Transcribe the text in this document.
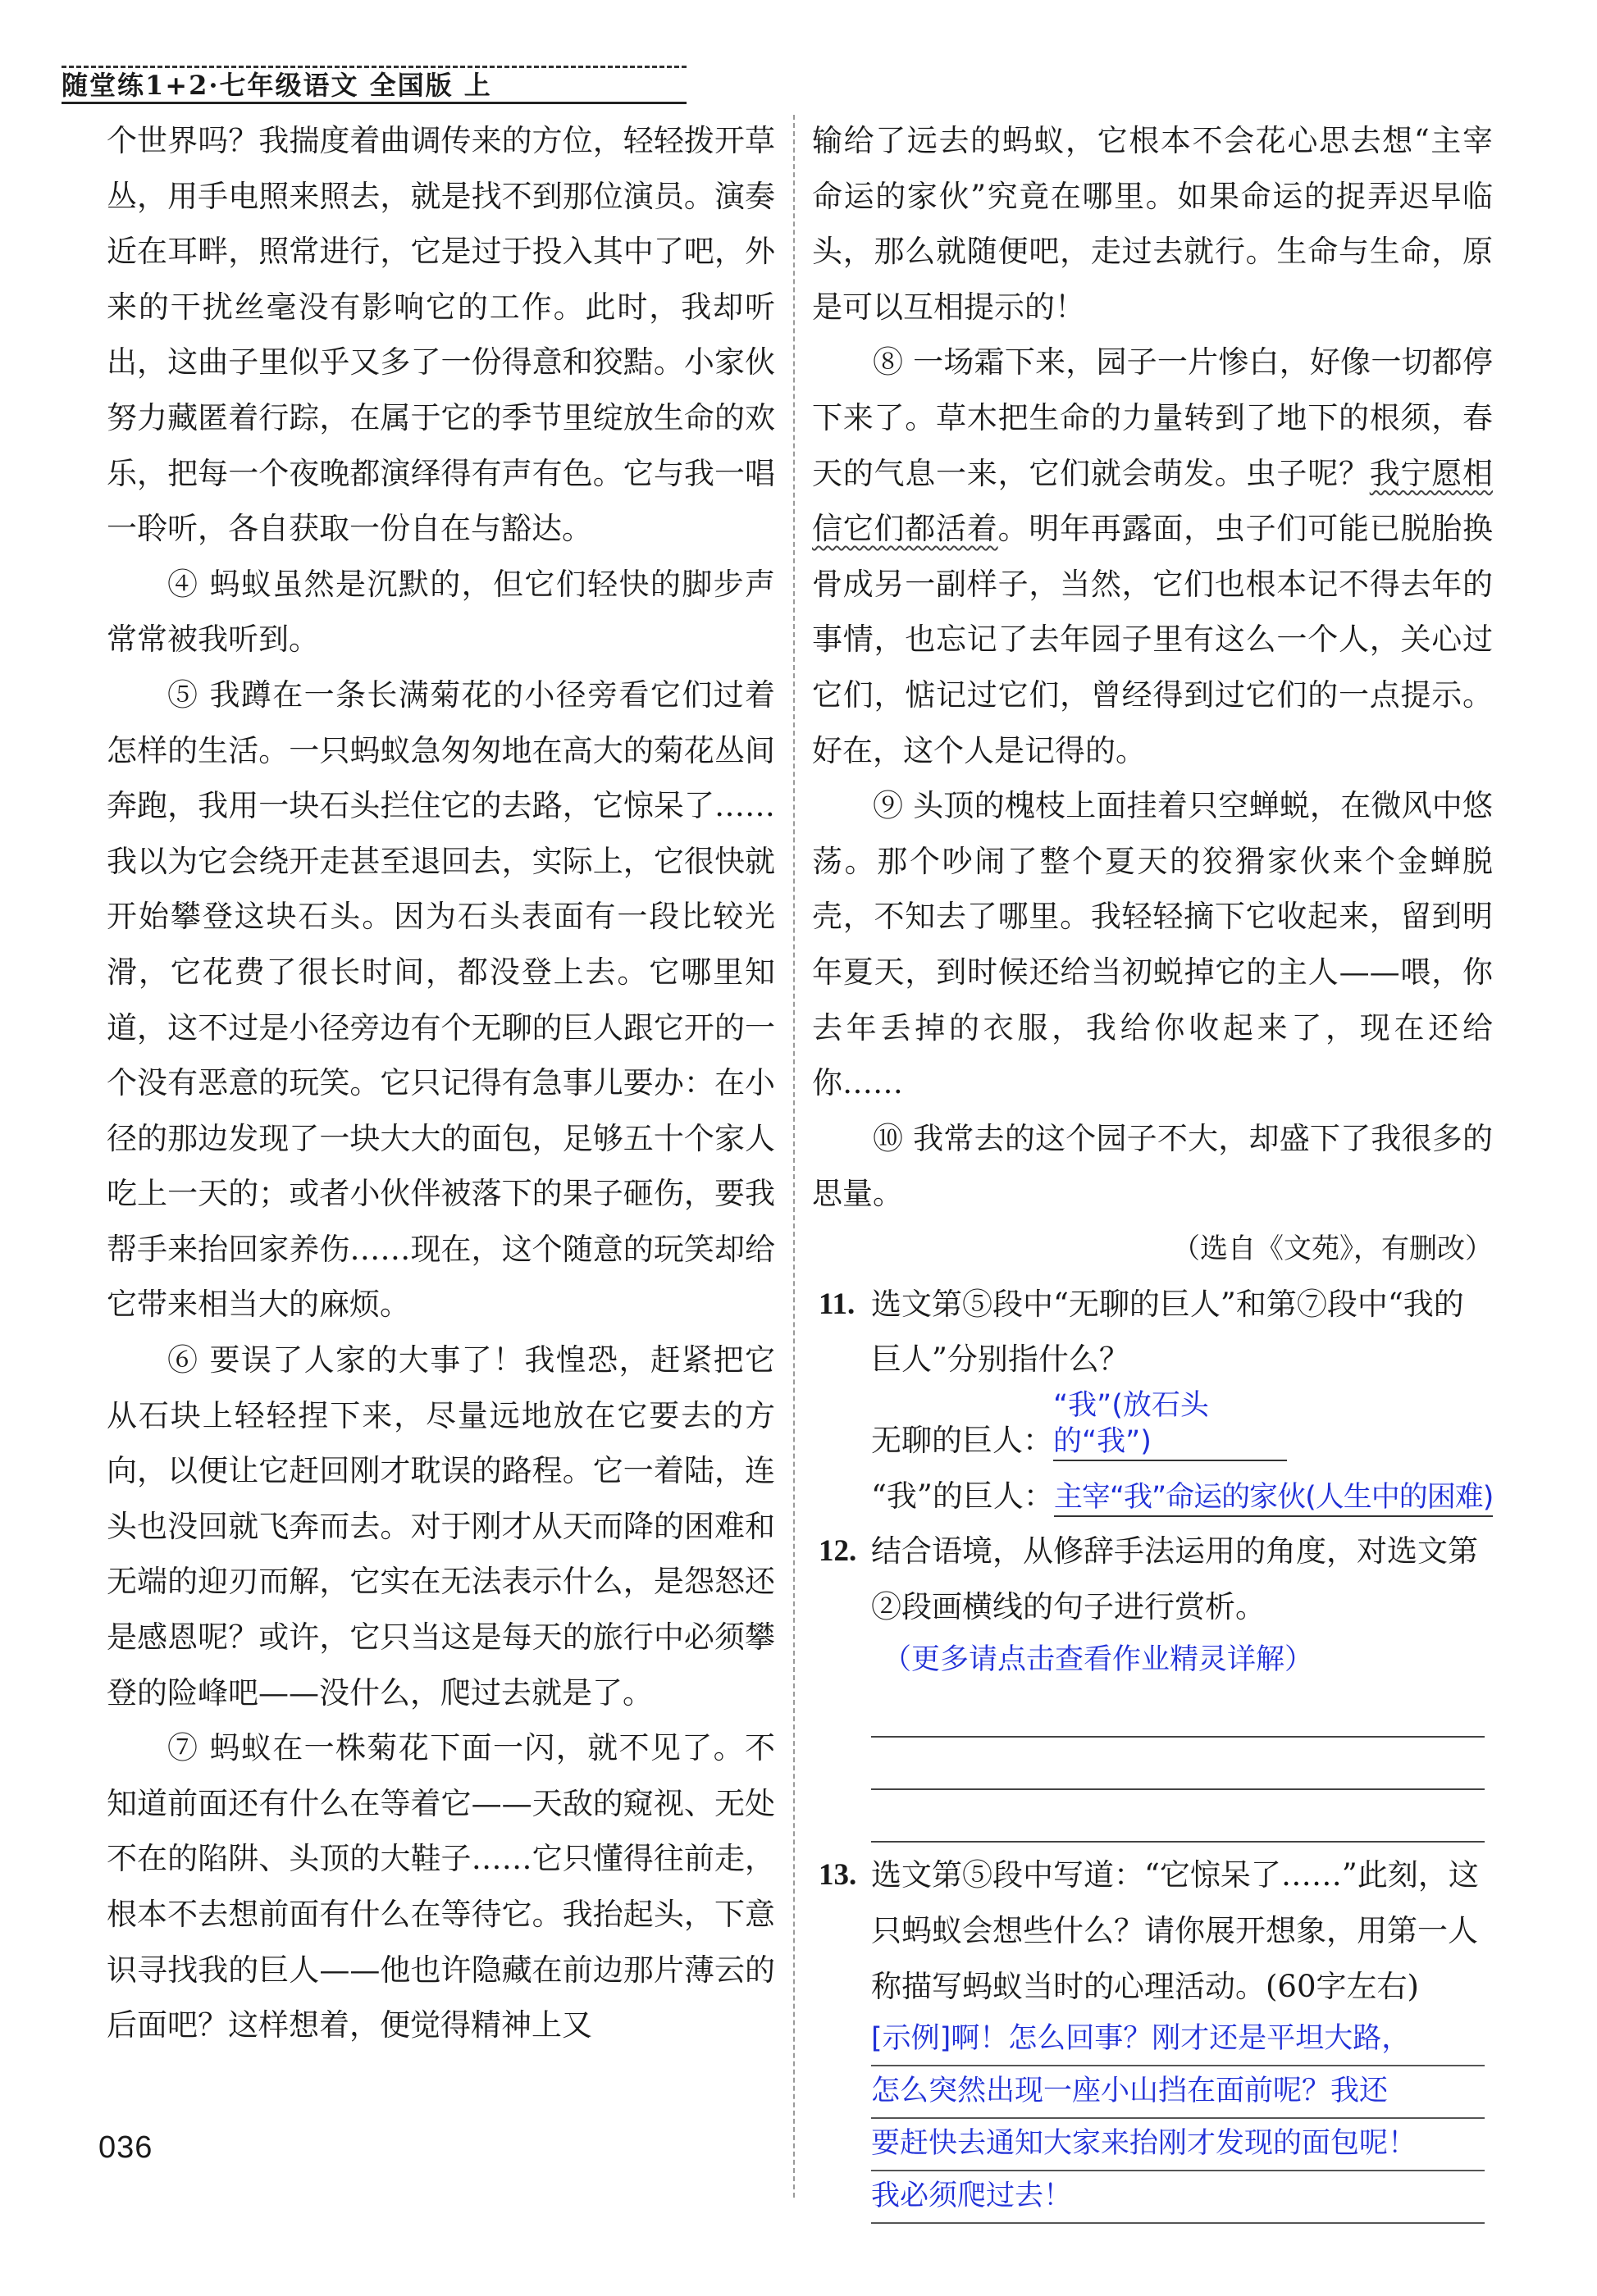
随堂练1+2·七年级语文 全国版 上

个世界吗？我揣度着曲调传来的方位，轻轻拨开草丛，用手电照来照去，就是找不到那位演员。演奏近在耳畔，照常进行，它是过于投入其中了吧，外来的干扰丝毫没有影响它的工作。此时，我却听出，这曲子里似乎又多了一份得意和狡黠。小家伙努力藏匿着行踪，在属于它的季节里绽放生命的欢乐，把每一个夜晚都演绎得有声有色。它与我一唱一聆听，各自获取一份自在与豁达。

④ 蚂蚁虽然是沉默的，但它们轻快的脚步声常常被我听到。

⑤ 我蹲在一条长满菊花的小径旁看它们过着怎样的生活。一只蚂蚁急匆匆地在高大的菊花丛间奔跑，我用一块石头拦住它的去路，它惊呆了……我以为它会绕开走甚至退回去，实际上，它很快就开始攀登这块石头。因为石头表面有一段比较光滑，它花费了很长时间，都没登上去。它哪里知道，这不过是小径旁边有个无聊的巨人跟它开的一个没有恶意的玩笑。它只记得有急事儿要办：在小径的那边发现了一块大大的面包，足够五十个家人吃上一天的；或者小伙伴被落下的果子砸伤，要我帮手来抬回家养伤……现在，这个随意的玩笑却给它带来相当大的麻烦。

⑥ 要误了人家的大事了！我惶恐，赶紧把它从石块上轻轻捏下来，尽量远地放在它要去的方向，以便让它赶回刚才耽误的路程。它一着陆，连头也没回就飞奔而去。对于刚才从天而降的困难和无端的迎刃而解，它实在无法表示什么，是怨怒还是感恩呢？或许，它只当这是每天的旅行中必须攀登的险峰吧——没什么，爬过去就是了。

⑦ 蚂蚁在一株菊花下面一闪，就不见了。不知道前面还有什么在等着它——天敌的窥视、无处不在的陷阱、头顶的大鞋子……它只懂得往前走，根本不去想前面有什么在等待它。我抬起头，下意识寻找我的巨人——他也许隐藏在前边那片薄云的后面吧？这样想着，便觉得精神上又

输给了远去的蚂蚁，它根本不会花心思去想“主宰命运的家伙”究竟在哪里。如果命运的捉弄迟早临头，那么就随便吧，走过去就行。生命与生命，原是可以互相提示的！

⑧ 一场霜下来，园子一片惨白，好像一切都停下来了。草木把生命的力量转到了地下的根须，春天的气息一来，它们就会萌发。虫子呢？我宁愿相信它们都活着。明年再露面，虫子们可能已脱胎换骨成另一副样子，当然，它们也根本记不得去年的事情，也忘记了去年园子里有这么一个人，关心过它们，惦记过它们，曾经得到过它们的一点提示。好在，这个人是记得的。

⑨ 头顶的槐枝上面挂着只空蝉蜕，在微风中悠荡。那个吵闹了整个夏天的狡猾家伙来个金蝉脱壳，不知去了哪里。我轻轻摘下它收起来，留到明年夏天，到时候还给当初蜕掉它的主人——喂，你去年丢掉的衣服，我给你收起来了，现在还给你……

⑩ 我常去的这个园子不大，却盛下了我很多的思量。

（选自《文苑》，有删改）
11. 选文第⑤段中“无聊的巨人”和第⑦段中“我的巨人”分别指什么？
无聊的巨人：“我”(放石头的“我”)
“我”的巨人：主宰“我”命运的家伙(人生中的困难)
12. 结合语境，从修辞手法运用的角度，对选文第②段画横线的句子进行赏析。
（更多请点击查看作业精灵详解）
13. 选文第⑤段中写道：“它惊呆了……”此刻，这只蚂蚁会想些什么？请你展开想象，用第一人称描写蚂蚁当时的心理活动。(60字左右)
[示例]啊！怎么回事？刚才还是平坦大路，
怎么突然出现一座小山挡在面前呢？我还
要赶快去通知大家来抬刚才发现的面包呢！
我必须爬过去！
036
